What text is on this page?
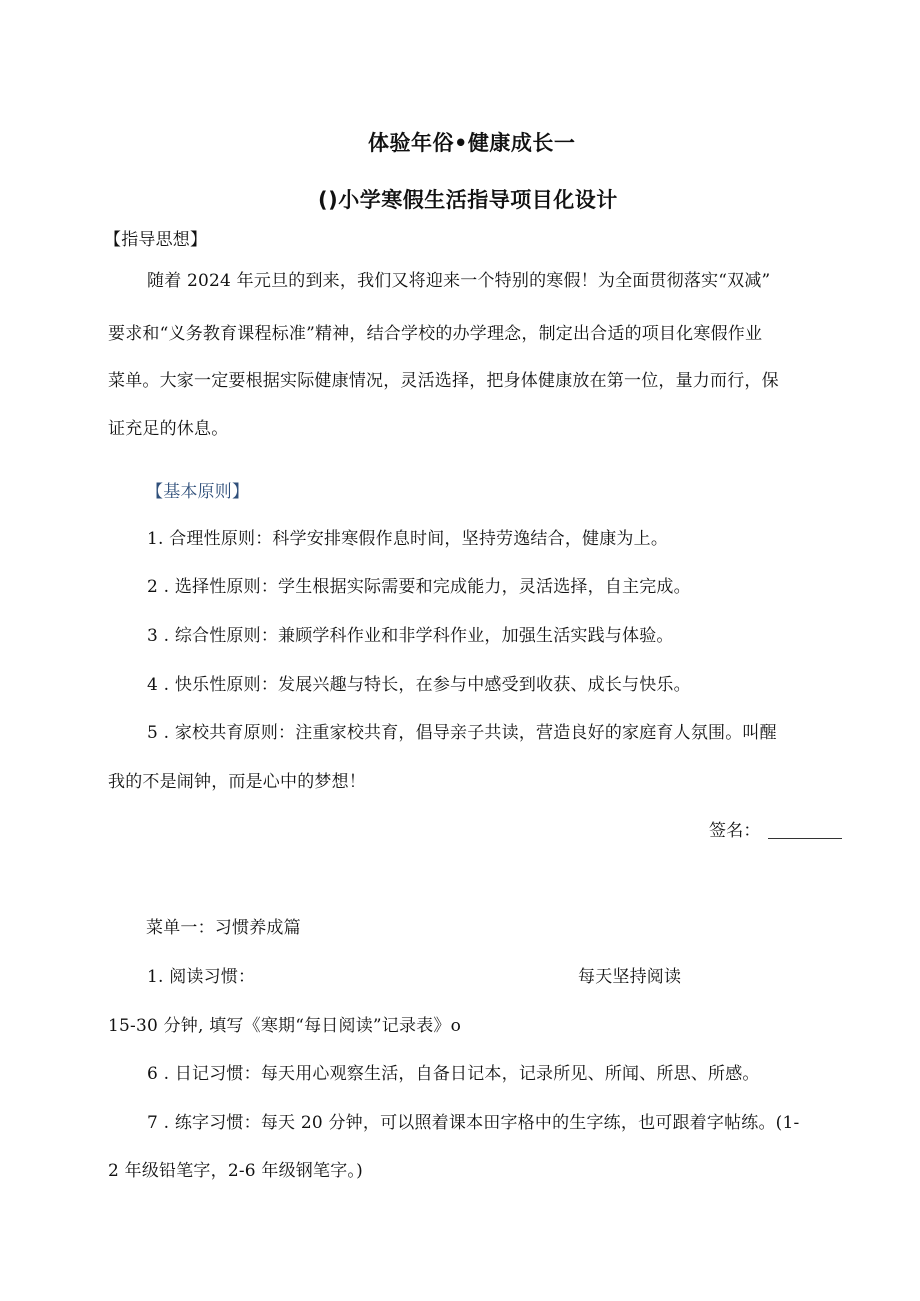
体验年俗•健康成长一
()小学寒假生活指导项目化设计
【指导思想】
随着 2024 年元旦的到来，我们又将迎来一个特别的寒假！为全面贯彻落实“双减”
要求和“义务教育课程标准”精神，结合学校的办学理念，制定出合适的项目化寒假作业
菜单。大家一定要根据实际健康情况，灵活选择，把身体健康放在第一位，量力而行，保
证充足的休息。
【基本原则】
1. 合理性原则：科学安排寒假作息时间，坚持劳逸结合，健康为上。
2 . 选择性原则：学生根据实际需要和完成能力，灵活选择，自主完成。
3 . 综合性原则：兼顾学科作业和非学科作业，加强生活实践与体验。
4 . 快乐性原则：发展兴趣与特长，在参与中感受到收获、成长与快乐。
5 . 家校共育原则：注重家校共育，倡导亲子共读，营造良好的家庭育人氛围。叫醒
我的不是闹钟，而是心中的梦想！
签名：
菜单一：习惯养成篇
1. 阅读习惯：	每天坚持阅读
15-30 分钟, 填写《寒期“每日阅读”记录表》o
6 . 日记习惯：每天用心观察生活，自备日记本，记录所见、所闻、所思、所感。
7 . 练字习惯：每天 20 分钟，可以照着课本田字格中的生字练，也可跟着字帖练。(1-
2 年级铅笔字，2-6 年级钢笔字。)
